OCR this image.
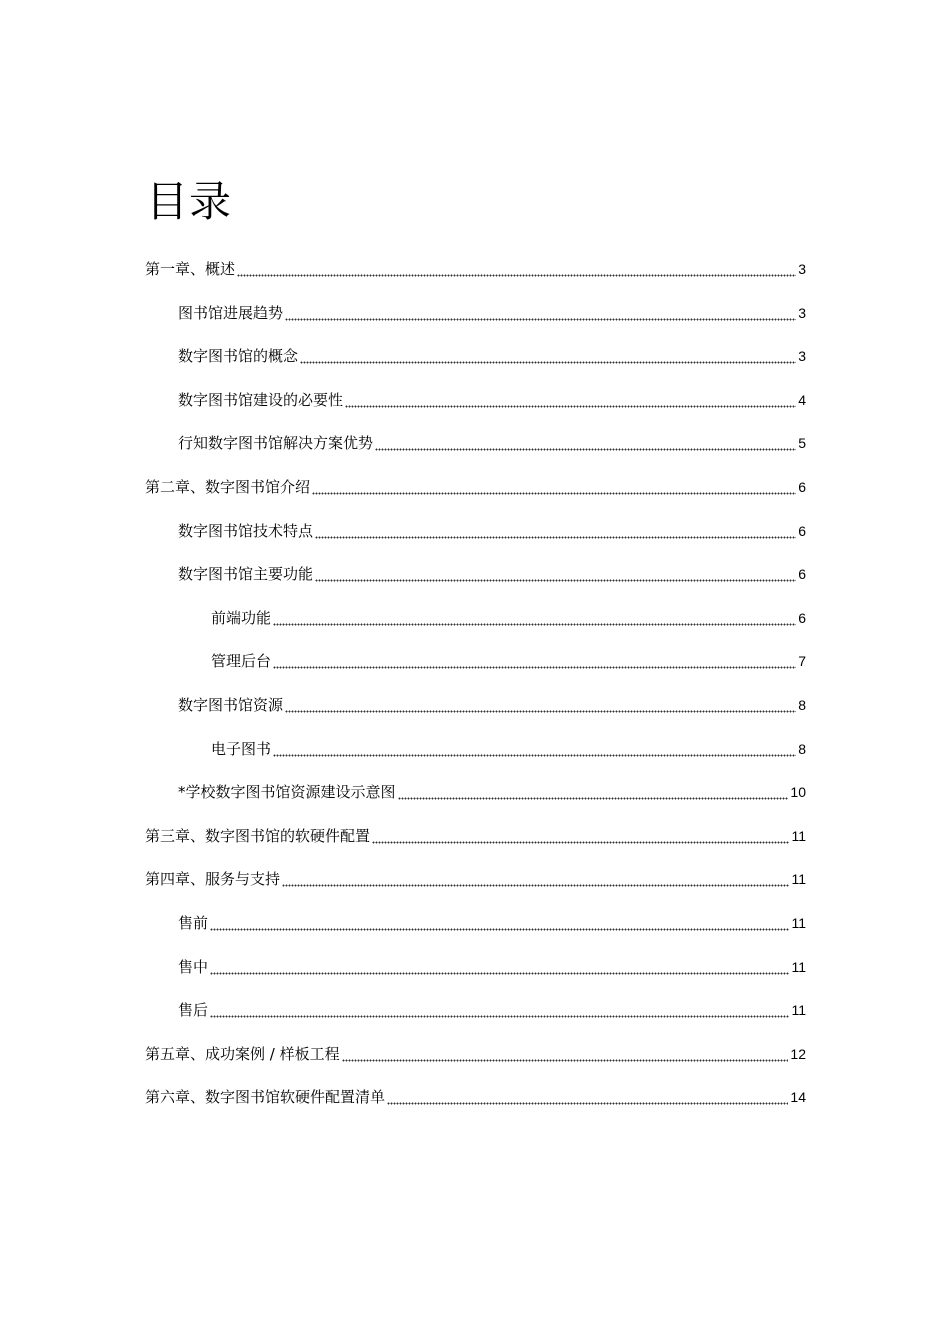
目录
第一章、概述	3
图书馆进展趋势	3
数字图书馆的概念	3
数字图书馆建设的必要性	4
行知数字图书馆解决方案优势	5
第二章、数字图书馆介绍	6
数字图书馆技术特点	6
数字图书馆主要功能	6
前端功能	6
管理后台	7
数字图书馆资源	8
电子图书	8
*学校数字图书馆资源建设示意图	10
第三章、数字图书馆的软硬件配置	11
第四章、服务与支持	11
售前	11
售中	11
售后	11
第五章、成功案例 / 样板工程	12
第六章、数字图书馆软硬件配置清单	14
